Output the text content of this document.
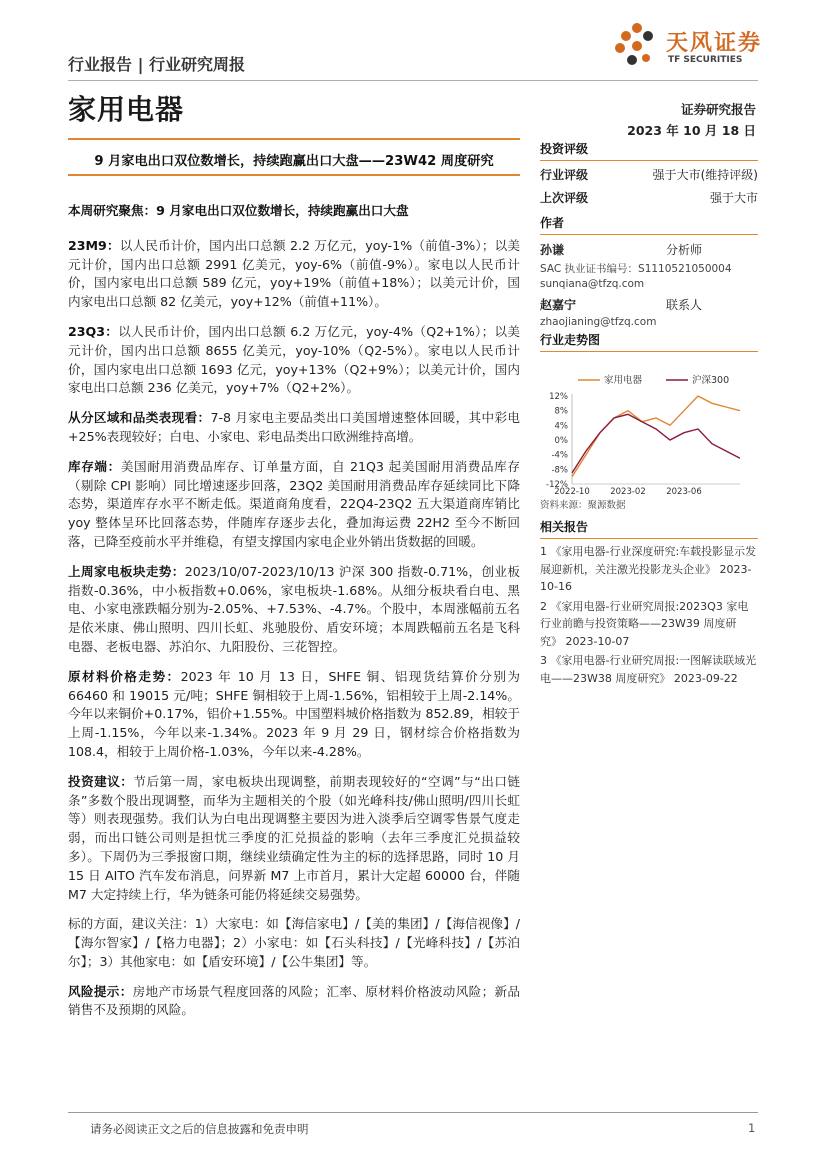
行业报告 | 行业研究周报
家用电器
天风证券
TF SECURITIES
证券研究报告
2023 年 10 月 18 日
9 月家电出口双位数增长，持续跑赢出口大盘——23W42 周度研究

本周研究聚焦：9 月家电出口双位数增长，持续跑赢出口大盘

23M9：以人民币计价，国内出口总额 2.2 万亿元，yoy-1%（前值-3%）；以美元计价，国内出口总额 2991 亿美元，yoy-6%（前值-9%）。家电以人民币计价，国内家电出口总额 589 亿元，yoy+19%（前值+18%）；以美元计价，国内家电出口总额 82 亿美元，yoy+12%（前值+11%）。

23Q3：以人民币计价，国内出口总额 6.2 万亿元，yoy-4%（Q2+1%）；以美元计价，国内出口总额 8655 亿美元，yoy-10%（Q2-5%）。家电以人民币计价，国内家电出口总额 1693 亿元，yoy+13%（Q2+9%）；以美元计价，国内家电出口总额 236 亿美元，yoy+7%（Q2+2%）。

从分区域和品类表现看：7-8 月家电主要品类出口美国增速整体回暖，其中彩电+25%表现较好；白电、小家电、彩电品类出口欧洲维持高增。

库存端：美国耐用消费品库存、订单量方面，自 21Q3 起美国耐用消费品库存（剔除 CPI 影响）同比增速逐步回落，23Q2 美国耐用消费品库存延续同比下降态势，渠道库存水平不断走低。渠道商角度看，22Q4-23Q2 五大渠道商库销比 yoy 整体呈环比回落态势，伴随库存逐步去化，叠加海运费 22H2 至今不断回落，已降至疫前水平并维稳，有望支撑国内家电企业外销出货数据的回暖。

上周家电板块走势：2023/10/07-2023/10/13 沪深 300 指数-0.71%，创业板指数-0.36%，中小板指数+0.06%，家电板块-1.68%。从细分板块看白电、黑电、小家电涨跌幅分别为-2.05%、+7.53%、-4.7%。个股中，本周涨幅前五名是依米康、佛山照明、四川长虹、兆驰股份、盾安环境；本周跌幅前五名是飞科电器、老板电器、苏泊尔、九阳股份、三花智控。

原材料价格走势：2023 年 10 月 13 日，SHFE 铜、铝现货结算价分别为 66460 和 19015 元/吨；SHFE 铜相较于上周-1.56%，铝相较于上周-2.14%。今年以来铜价+0.17%，铝价+1.55%。中国塑料城价格指数为 852.89，相较于上周-1.15%，今年以来-1.34%。2023 年 9 月 29 日，钢材综合价格指数为 108.4，相较于上周价格-1.03%，今年以来-4.28%。

投资建议：节后第一周，家电板块出现调整，前期表现较好的“空调”与“出口链条”多数个股出现调整，而华为主题相关的个股（如光峰科技/佛山照明/四川长虹等）则表现强势。我们认为白电出现调整主要因为进入淡季后空调零售景气度走弱，而出口链公司则是担忧三季度的汇兑损益的影响（去年三季度汇兑损益较多）。下周仍为三季报窗口期，继续业绩确定性为主的标的选择思路，同时 10 月 15 日 AITO 汽车发布消息，问界新 M7 上市首月，累计大定超 60000 台，伴随 M7 大定持续上行，华为链条可能仍将延续交易强势。

标的方面，建议关注：1）大家电：如【海信家电】/【美的集团】/【海信视像】/【海尔智家】/【格力电器】；2）小家电：如【石头科技】/【光峰科技】/【苏泊尔】；3）其他家电：如【盾安环境】/【公牛集团】等。

风险提示：房地产市场景气程度回落的风险；汇率、原材料价格波动风险；新品销售不及预期的风险。

投资评级
行业评级	强于大市(维持评级)
上次评级	强于大市
作者
孙谦	分析师
SAC 执业证书编号：S1110521050004
sunqiana@tfzq.com
赵嘉宁	联系人
zhaojianing@tfzq.com
行业走势图
家用电器	沪深300
12%
8%
4%
0%
-4%
-8%
-12%
2022-10 2023-02 2023-06
资料来源：聚源数据
相关报告
1 《家用电器-行业深度研究:车载投影显示发展迎新机，关注激光投影龙头企业》 2023-10-16
2 《家用电器-行业研究周报:2023Q3 家电行业前瞻与投资策略——23W39 周度研究》 2023-10-07
3 《家用电器-行业研究周报:一图解读联域光电——23W38 周度研究》 2023-09-22
请务必阅读正文之后的信息披露和免责申明	1
